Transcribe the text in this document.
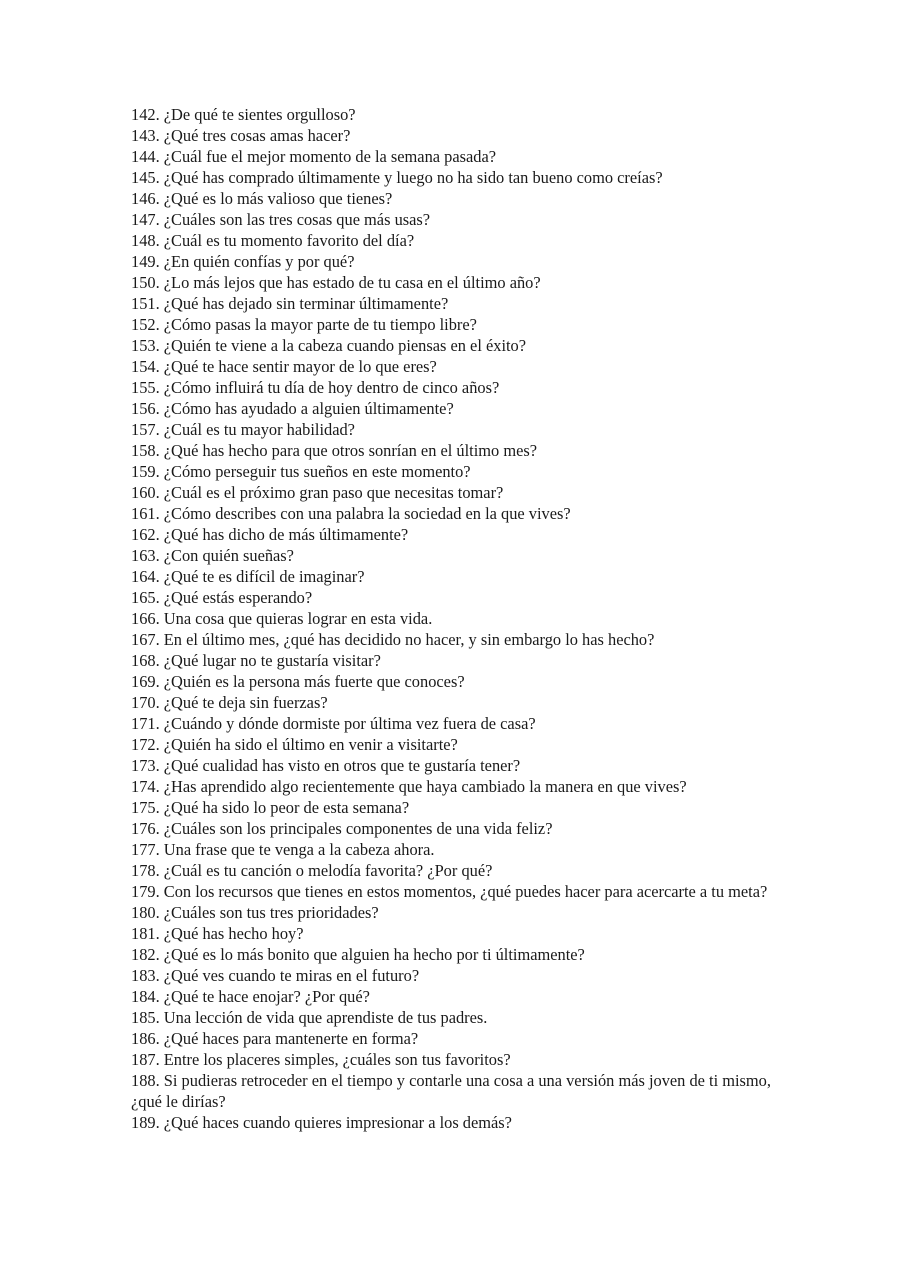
142. ¿De qué te sientes orgulloso?

143. ¿Qué tres cosas amas hacer?

144. ¿Cuál fue el mejor momento de la semana pasada?

145. ¿Qué has comprado últimamente y luego no ha sido tan bueno como creías?

146. ¿Qué es lo más valioso que tienes?

147. ¿Cuáles son las tres cosas que más usas?

148. ¿Cuál es tu momento favorito del día?

149. ¿En quién confías y por qué?

150. ¿Lo más lejos que has estado de tu casa en el último año?

151. ¿Qué has dejado sin terminar últimamente?

152. ¿Cómo pasas la mayor parte de tu tiempo libre?

153. ¿Quién te viene a la cabeza cuando piensas en el éxito?

154. ¿Qué te hace sentir mayor de lo que eres?

155. ¿Cómo influirá tu día de hoy dentro de cinco años?

156. ¿Cómo has ayudado a alguien últimamente?

157. ¿Cuál es tu mayor habilidad?

158. ¿Qué has hecho para que otros sonrían en el último mes?

159. ¿Cómo perseguir tus sueños en este momento?

160. ¿Cuál es el próximo gran paso que necesitas tomar?

161. ¿Cómo describes con una palabra la sociedad en la que vives?

162. ¿Qué has dicho de más últimamente?

163. ¿Con quién sueñas?

164. ¿Qué te es difícil de imaginar?

165. ¿Qué estás esperando?

166. Una cosa que quieras lograr en esta vida.

167. En el último mes, ¿qué has decidido no hacer, y sin embargo lo has hecho?

168. ¿Qué lugar no te gustaría visitar?

169. ¿Quién es la persona más fuerte que conoces?

170. ¿Qué te deja sin fuerzas?

171. ¿Cuándo y dónde dormiste por última vez fuera de casa?

172. ¿Quién ha sido el último en venir a visitarte?

173. ¿Qué cualidad has visto en otros que te gustaría tener?

174. ¿Has aprendido algo recientemente que haya cambiado la manera en que vives?

175. ¿Qué ha sido lo peor de esta semana?

176. ¿Cuáles son los principales componentes de una vida feliz?

177. Una frase que te venga a la cabeza ahora.

178. ¿Cuál es tu canción o melodía favorita? ¿Por qué?

179. Con los recursos que tienes en estos momentos, ¿qué puedes hacer para acercarte a tu meta?

180. ¿Cuáles son tus tres prioridades?

181. ¿Qué has hecho hoy?

182. ¿Qué es lo más bonito que alguien ha hecho por ti últimamente?

183. ¿Qué ves cuando te miras en el futuro?

184. ¿Qué te hace enojar? ¿Por qué?

185. Una lección de vida que aprendiste de tus padres.

186. ¿Qué haces para mantenerte en forma?

187. Entre los placeres simples, ¿cuáles son tus favoritos?

188. Si pudieras retroceder en el tiempo y contarle una cosa a una versión más joven de ti mismo, ¿qué le dirías?

189. ¿Qué haces cuando quieres impresionar a los demás?
